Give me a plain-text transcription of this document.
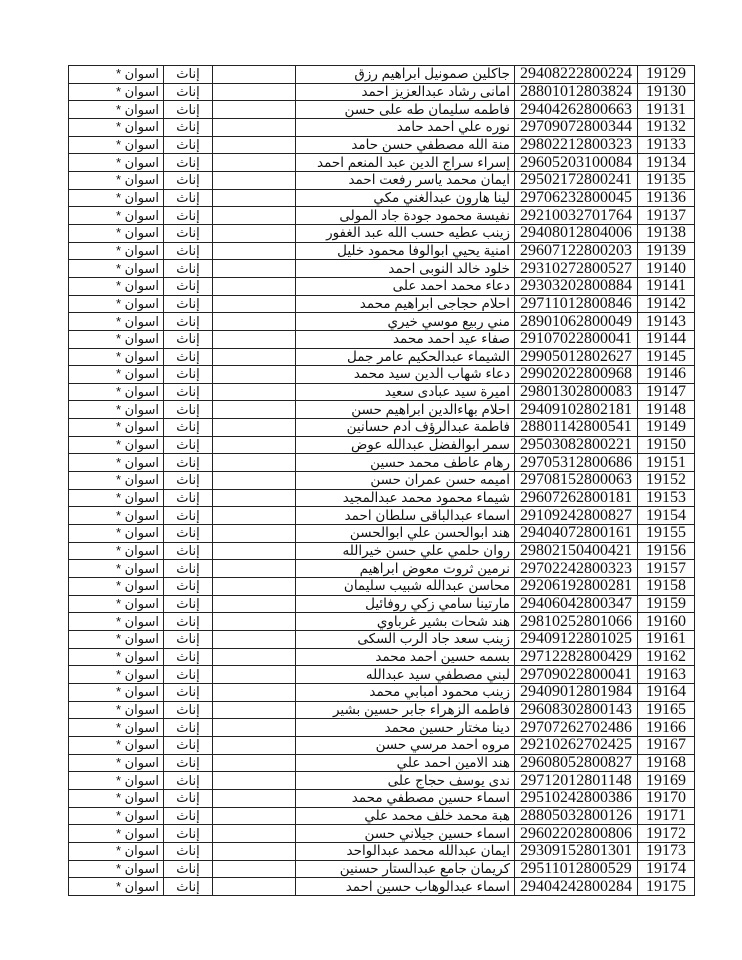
اسوان *	إناث		جاكلين صمونيل ابراهيم رزق	29408222800224	19129
اسوان *	إناث		امانى رشاد عبدالعزيز احمد	28801012803824	19130
اسوان *	إناث		فاطمه سليمان طه على حسن	29404262800663	19131
اسوان *	إناث		نوره علي احمد حامد	29709072800344	19132
اسوان *	إناث		منة الله مصطفي حسن حامد	29802212800323	19133
اسوان *	إناث		إسراء سراج الدين عبد المنعم احمد	29605203100084	19134
اسوان *	إناث		ايمان محمد ياسر رفعت احمد	29502172800241	19135
اسوان *	إناث		لينا هارون عبدالغني مكي	29706232800045	19136
اسوان *	إناث		نفيسة محمود جودة جاد المولى	29210032701764	19137
اسوان *	إناث		زينب عطيه حسب الله عبد الغفور	29408012804006	19138
اسوان *	إناث		امنية يحيي ابوالوفا محمود خليل	29607122800203	19139
اسوان *	إناث		خلود خالد النوبى احمد	29310272800527	19140
اسوان *	إناث		دعاء محمد احمد على	29303202800884	19141
اسوان *	إناث		احلام حجاجى ابراهيم محمد	29711012800846	19142
اسوان *	إناث		مني ربيع موسي خيري	28901062800049	19143
اسوان *	إناث		صفاء عيد احمد محمد	29107022800041	19144
اسوان *	إناث		الشيماء عبدالحكيم عامر جمل	29905012802627	19145
اسوان *	إناث		دعاء شهاب الدين سيد محمد	29902022800968	19146
اسوان *	إناث		اميرة سيد عبادى سعيد	29801302800083	19147
اسوان *	إناث		احلام بهاءالدين ابراهيم حسن	29409102802181	19148
اسوان *	إناث		فاطمة عبدالرؤف ادم حسانين	28801142800541	19149
اسوان *	إناث		سمر ابوالفضل عبدالله عوض	29503082800221	19150
اسوان *	إناث		رهام عاطف محمد حسين	29705312800686	19151
اسوان *	إناث		اميمه حسن عمران حسن	29708152800063	19152
اسوان *	إناث		شيماء محمود محمد عبدالمجيد	29607262800181	19153
اسوان *	إناث		اسماء عبدالباقى سلطان احمد	29109242800827	19154
اسوان *	إناث		هند ابوالحسن علي ابوالحسن	29404072800161	19155
اسوان *	إناث		روان حلمي علي حسن خيرالله	29802150400421	19156
اسوان *	إناث		نرمين ثروت معوض ابراهيم	29702242800323	19157
اسوان *	إناث		محاسن عبدالله شبيب سليمان	29206192800281	19158
اسوان *	إناث		مارتينا سامي زكي روفائيل	29406042800347	19159
اسوان *	إناث		هند شحات بشير غرباوي	29810252801066	19160
اسوان *	إناث		زينب سعد جاد الرب السكى	29409122801025	19161
اسوان *	إناث		بسمه حسين احمد محمد	29712282800429	19162
اسوان *	إناث		لبني مصطفي سيد عبدالله	29709022800041	19163
اسوان *	إناث		زينب محمود امبابي محمد	29409012801984	19164
اسوان *	إناث		فاطمه الزهراء جابر حسين بشير	29608302800143	19165
اسوان *	إناث		دينا مختار حسين محمد	29707262702486	19166
اسوان *	إناث		مروه احمد مرسي حسن	29210262702425	19167
اسوان *	إناث		هند الامين احمد علي	29608052800827	19168
اسوان *	إناث		ندى يوسف حجاج على	29712012801148	19169
اسوان *	إناث		اسماء حسين مصطفي محمد	29510242800386	19170
اسوان *	إناث		هبة محمد خلف محمد علي	28805032800126	19171
اسوان *	إناث		اسماء حسين جيلاني حسن	29602202800806	19172
اسوان *	إناث		ايمان عبدالله محمد عبدالواحد	29309152801301	19173
اسوان *	إناث		كريمان جامع عبدالستار حسنين	29511012800529	19174
اسوان *	إناث		اسماء عبدالوهاب حسين احمد	29404242800284	19175
